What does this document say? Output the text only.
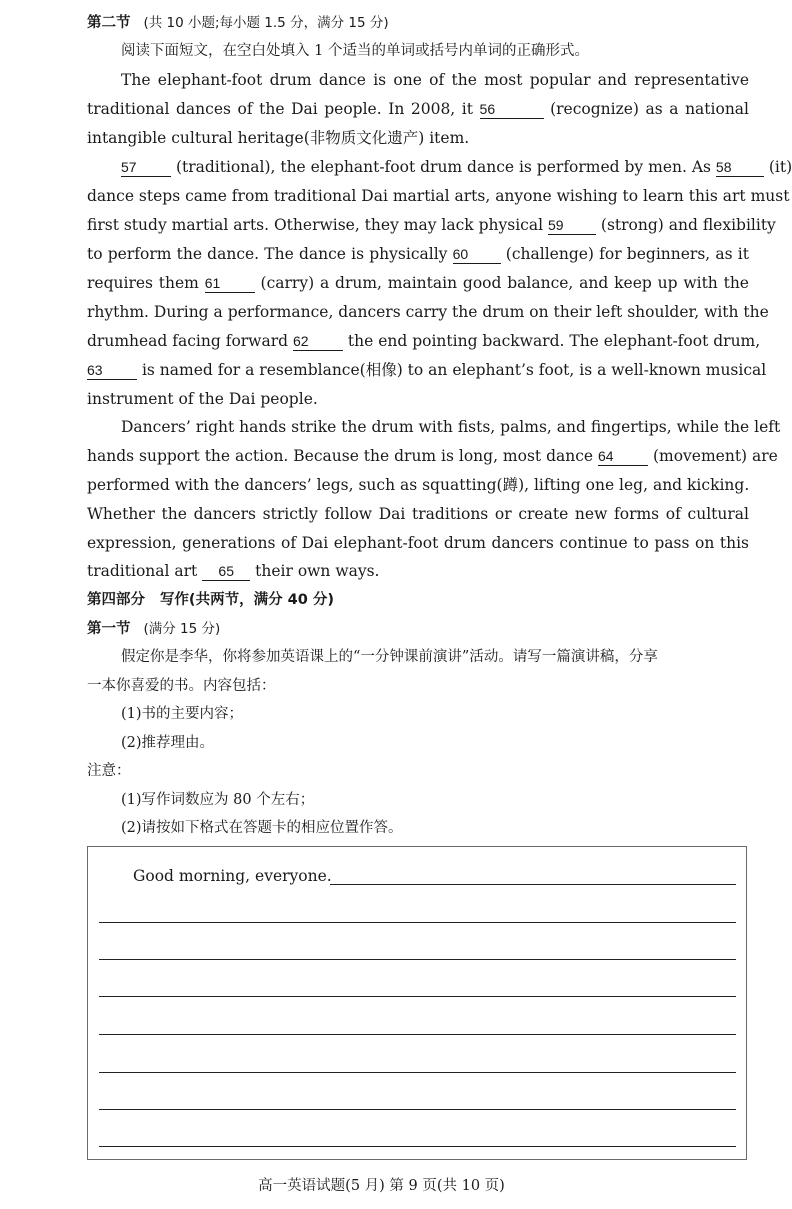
第二节 (共 10 小题;每小题 1.5 分，满分 15 分)
阅读下面短文，在空白处填入 1 个适当的单词或括号内单词的正确形式。
The elephant-foot drum dance is one of the most popular and representative
traditional dances of the Dai people. In 2008, it 56	(recognize) as a national
intangible cultural heritage(非物质文化遗产) item.
57	(traditional), the elephant-foot drum dance is performed by men. As 58 (it)
dance steps came from traditional Dai martial arts, anyone wishing to learn this art must
first study martial arts. Otherwise, they may lack physical 59 (strong) and flexibility
to perform the dance. The dance is physically 60 (challenge) for beginners, as it
requires them 61	(carry) a drum, maintain good balance, and keep up with the
rhythm. During a performance, dancers carry the drum on their left shoulder, with the
drumhead facing forward 62	the end pointing backward. The elephant-foot drum,
63	is named for a resemblance(相像) to an elephant’s foot, is a well-known musical
instrument of the Dai people.
Dancers’ right hands strike the drum with fists, palms, and fingertips, while the left
hands support the action. Because the drum is long, most dance 64	(movement) are
performed with the dancers’ legs, such as squatting(蹲), lifting one leg, and kicking.
Whether the dancers strictly follow Dai traditions or create new forms of cultural
expression, generations of Dai elephant-foot drum dancers continue to pass on this
traditional art 65 their own ways.
第四部分 写作(共两节，满分 40 分)
第一节 (满分 15 分)
假定你是李华，你将参加英语课上的“一分钟课前演讲”活动。请写一篇演讲稿，分享
一本你喜爱的书。内容包括：
(1)书的主要内容；
(2)推荐理由。
注意：
(1)写作词数应为 80 个左右；
(2)请按如下格式在答题卡的相应位置作答。
Good morning, everyone.
高一英语试题(5 月) 第 9 页(共 10 页)
